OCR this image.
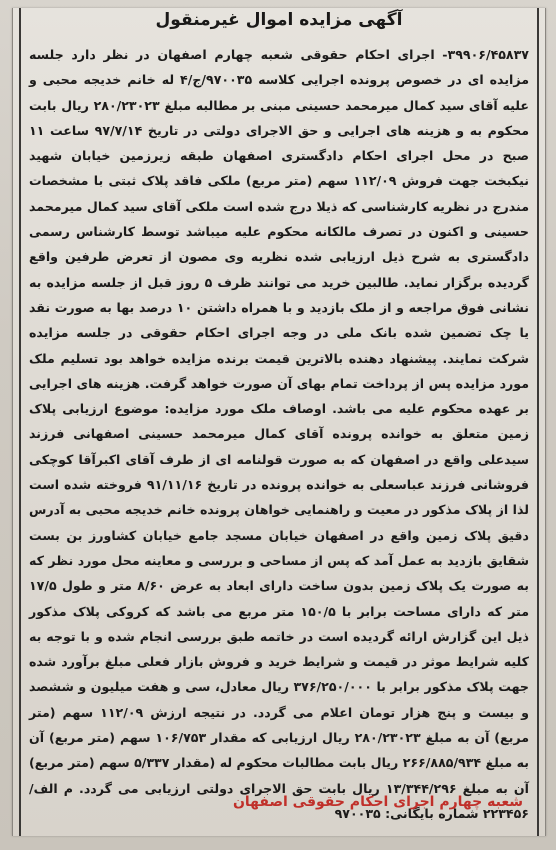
آگهی مزایده اموال غیرمنقول
۳۹۹۰۶/۴۵۸۳۷- اجرای احکام حقوقی شعبه چهارم اصفهان در نظر دارد جلسه مزایده ای در خصوص پرونده اجرایی کلاسه ۹۷۰۰۳۵/ج/۴ له خانم خدیجه محبی و علیه آقای سید کمال میرمحمد حسینی مبنی بر مطالبه مبلغ ۲۸۰/۲۳۰۲۳ ریال بابت محکوم به و هزینه های اجرایی و حق الاجرای دولتی در تاریخ ۹۷/۷/۱۴ ساعت ۱۱ صبح در محل اجرای احکام دادگستری اصفهان طبقه زیرزمین خیابان شهید نیکبخت جهت فروش ۱۱۲/۰۹ سهم (متر مربع) ملکی فاقد پلاک ثبتی با مشخصات مندرج در نظریه کارشناسی که ذیلا درج شده است ملکی آقای سید کمال میرمحمد حسینی و اکنون در تصرف مالکانه محکوم علیه میباشد توسط کارشناس رسمی دادگستری به شرح ذیل ارزیابی شده نظریه وی مصون از تعرض طرفین واقع گردیده برگزار نماید. طالبین خرید می توانند ظرف ۵ روز قبل از جلسه مزایده به نشانی فوق مراجعه و از ملک بازدید و با همراه داشتن ۱۰ درصد بها به صورت نقد یا چک تضمین شده بانک ملی در وجه اجرای احکام حقوقی در جلسه مزایده شرکت نمایند. پیشنهاد دهنده بالاترین قیمت برنده مزایده خواهد بود تسلیم ملک مورد مزایده پس از پرداخت تمام بهای آن صورت خواهد گرفت. هزینه های اجرایی بر عهده محکوم علیه می باشد. اوصاف ملک مورد مزایده: موضوع ارزیابی پلاک زمین متعلق به خوانده پرونده آقای کمال میرمحمد حسینی اصفهانی فرزند سیدعلی واقع در اصفهان که به صورت قولنامه ای از طرف آقای اکبرآقا کوچکی فروشانی فرزند عباسعلی به خوانده پرونده در تاریخ ۹۱/۱۱/۱۶ فروخته شده است لذا از پلاک مذکور در معیت و راهنمایی خواهان پرونده خانم خدیجه محبی به آدرس دقیق پلاک زمین واقع در اصفهان خیابان مسجد جامع خیابان کشاورز بن بست شقایق بازدید به عمل آمد که پس از مساحی و بررسی و معاینه محل مورد نظر که به صورت یک پلاک زمین بدون ساخت دارای ابعاد به عرض ۸/۶۰ متر و طول ۱۷/۵ متر که دارای مساحت برابر با ۱۵۰/۵ متر مربع می باشد که کروکی پلاک مذکور ذیل این گزارش ارائه گردیده است در خاتمه طبق بررسی انجام شده و با توجه به کلیه شرایط موثر در قیمت و شرایط خرید و فروش بازار فعلی مبلغ برآورد شده جهت پلاک مذکور برابر با ۳۷۶/۲۵۰/۰۰۰ ریال معادل، سی و هفت میلیون و ششصد و بیست و پنج هزار تومان اعلام می گردد. در نتیجه ارزش ۱۱۲/۰۹ سهم (متر مربع) آن به مبلغ ۲۸۰/۲۳۰۲۳ ریال ارزیابی که مقدار ۱۰۶/۷۵۳ سهم (متر مربع) آن به مبلغ ۲۶۶/۸۸۵/۹۳۴ ریال بابت مطالبات محکوم له (مقدار ۵/۳۳۷ سهم (متر مربع) آن به مبلغ ۱۳/۳۴۴/۲۹۶ ریال بابت حق الاجرای دولتی ارزیابی می گردد. م الف/۲۲۳۴۵۶ شماره بایگانی: ۹۷۰۰۳۵
شعبه چهارم اجرای احکام حقوقی اصفهان
